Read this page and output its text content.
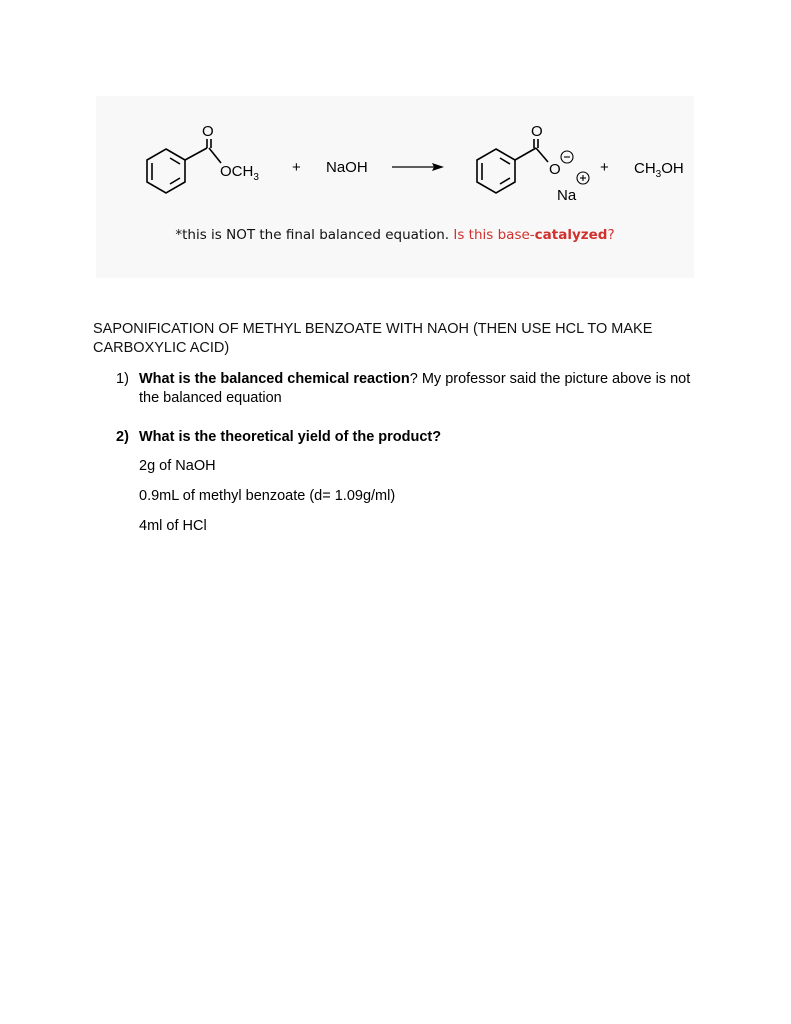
O
$OCH_3$
+ NaOH
O
O
Na
+ $CH_3OH$
*this is NOT the final balanced equation. Is this base-catalyzed?
SAPONIFICATION OF METHYL BENZOATE WITH NAOH (THEN USE HCL TO MAKE CARBOXYLIC ACID)
1) What is the balanced chemical reaction? My professor said the picture above is not the balanced equation
2) What is the theoretical yield of the product?
2g of NaOH
0.9mL of methyl benzoate (d= 1.09g/ml)
4ml of HCl
